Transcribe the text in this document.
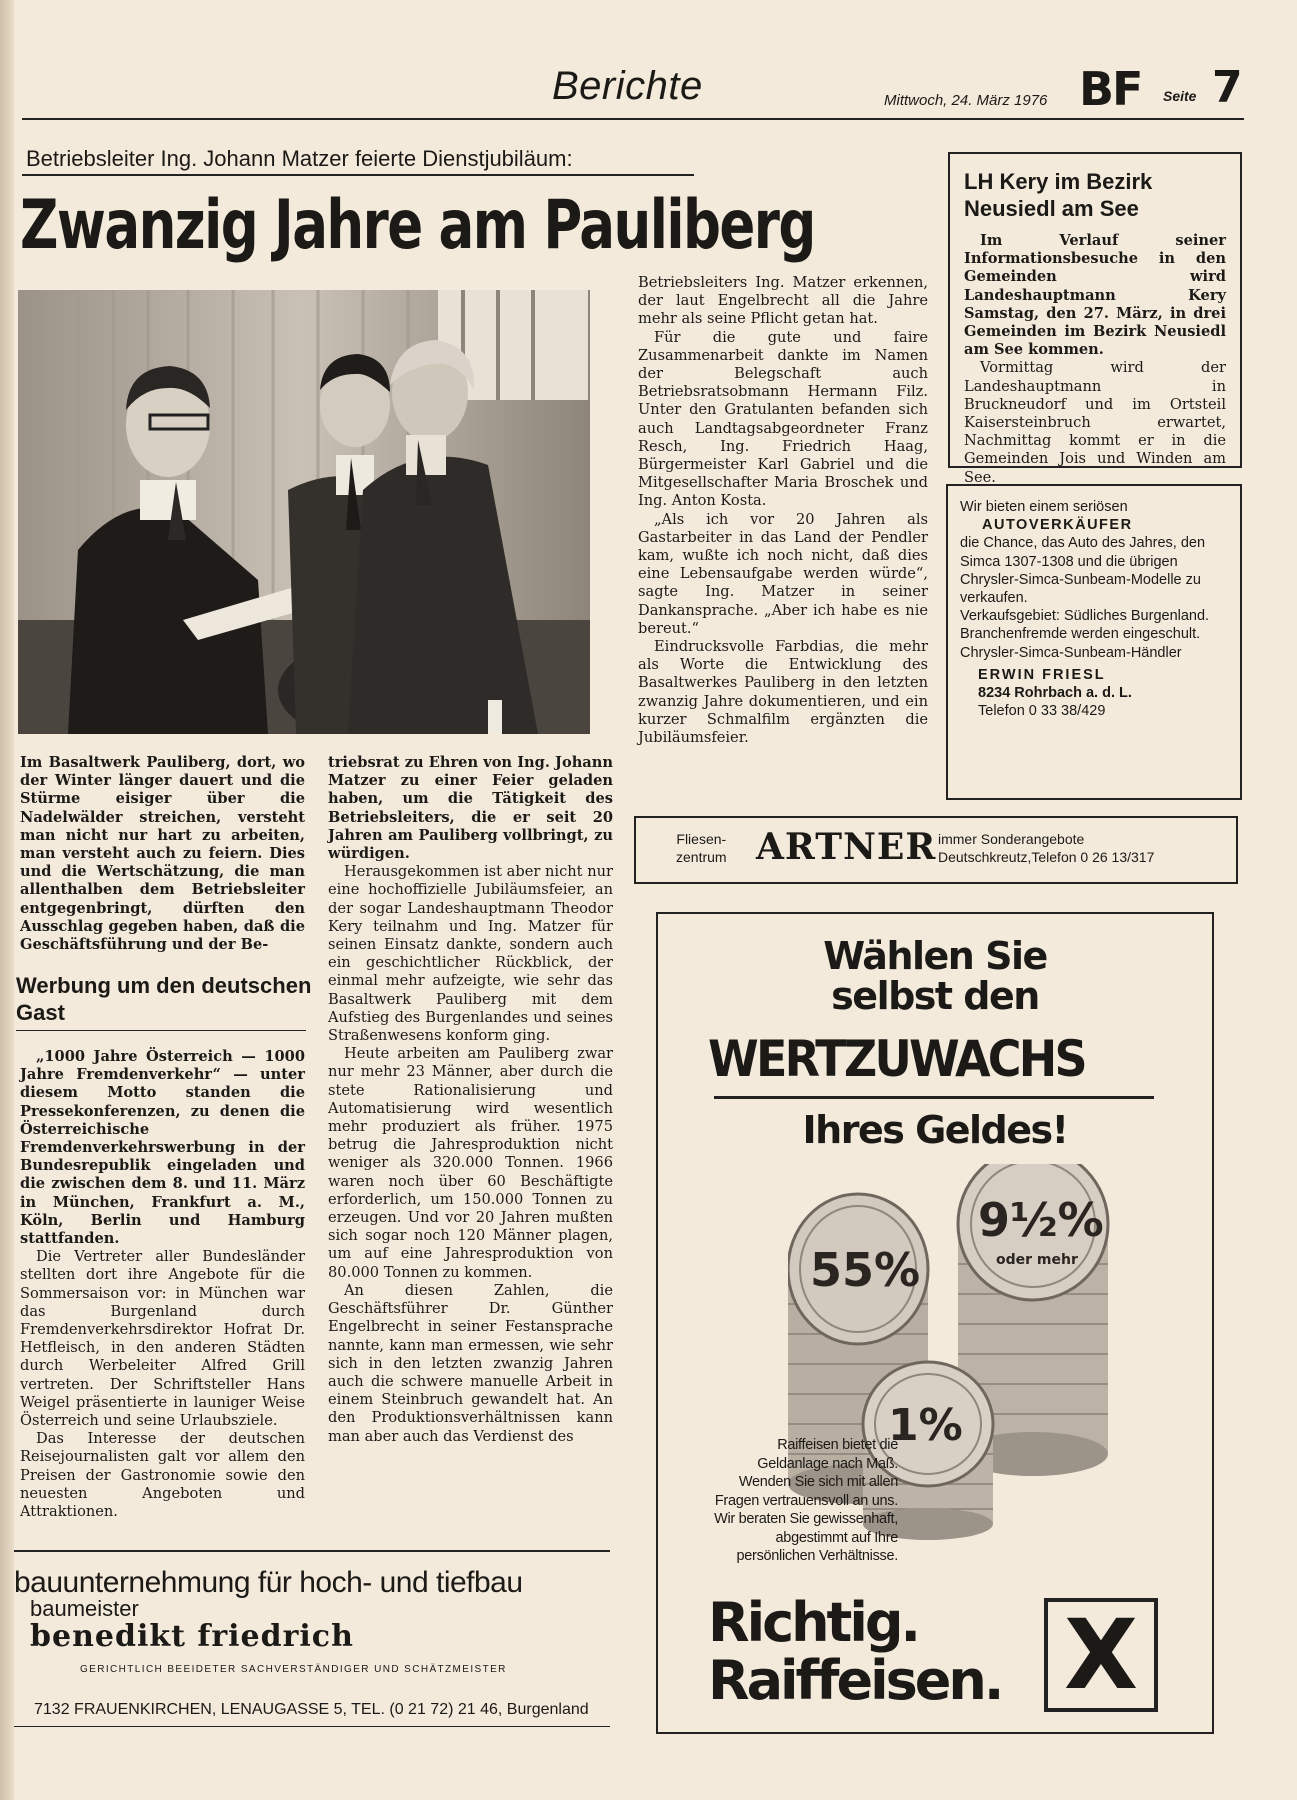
Berichte	Mittwoch, 24. März 1976 BF Seite 7
Betriebsleiter Ing. Johann Matzer feierte Dienstjubiläum:
Zwanzig Jahre am Pauliberg

Im Basaltwerk Pauliberg, dort, wo der Winter länger dauert und die Stürme eisiger über die Nadelwälder streichen, versteht man nicht nur hart zu arbeiten, man versteht auch zu feiern. Dies und die Wertschätzung, die man allenthalben dem Betriebsleiter entgegenbringt, dürften den Ausschlag gegeben haben, daß die Geschäftsführung und der Be-

Werbung um den deutschen Gast

„1000 Jahre Österreich — 1000 Jahre Fremdenverkehr“ — unter diesem Motto standen die Pressekonferenzen, zu denen die Österreichische Fremdenverkehrswerbung in der Bundesrepublik eingeladen und die zwischen dem 8. und 11. März in München, Frankfurt a. M., Köln, Berlin und Hamburg stattfanden.

Die Vertreter aller Bundesländer stellten dort ihre Angebote für die Sommersaison vor: in München war das Burgenland durch Fremdenverkehrsdirektor Hofrat Dr. Hetfleisch, in den anderen Städten durch Werbeleiter Alfred Grill vertreten. Der Schriftsteller Hans Weigel präsentierte in launiger Weise Österreich und seine Urlaubsziele.

Das Interesse der deutschen Reisejournalisten galt vor allem den Preisen der Gastronomie sowie den neuesten Angeboten und Attraktionen.

triebsrat zu Ehren von Ing. Johann Matzer zu einer Feier geladen haben, um die Tätigkeit des Betriebsleiters, die er seit 20 Jahren am Pauliberg vollbringt, zu würdigen.

Herausgekommen ist aber nicht nur eine hochoffizielle Jubiläumsfeier, an der sogar Landeshauptmann Theodor Kery teilnahm und Ing. Matzer für seinen Einsatz dankte, sondern auch ein geschichtlicher Rückblick, der einmal mehr aufzeigte, wie sehr das Basaltwerk Pauliberg mit dem Aufstieg des Burgenlandes und seines Straßenwesens konform ging.

Heute arbeiten am Pauliberg zwar nur mehr 23 Männer, aber durch die stete Rationalisierung und Automatisierung wird wesentlich mehr produziert als früher. 1975 betrug die Jahresproduktion nicht weniger als 320.000 Tonnen. 1966 waren noch über 60 Beschäftigte erforderlich, um 150.000 Tonnen zu erzeugen. Und vor 20 Jahren mußten sich sogar noch 120 Männer plagen, um auf eine Jahresproduktion von 80.000 Tonnen zu kommen.

An diesen Zahlen, die Geschäftsführer Dr. Günther Engelbrecht in seiner Festansprache nannte, kann man ermessen, wie sehr sich in den letzten zwanzig Jahren auch die schwere manuelle Arbeit in einem Steinbruch gewandelt hat. An den Produktionsverhältnissen kann man aber auch das Verdienst des

Betriebsleiters Ing. Matzer erkennen, der laut Engelbrecht all die Jahre mehr als seine Pflicht getan hat.

Für die gute und faire Zusammenarbeit dankte im Namen der Belegschaft auch Betriebsratsobmann Hermann Filz. Unter den Gratulanten befanden sich auch Landtagsabgeordneter Franz Resch, Ing. Friedrich Haag, Bürgermeister Karl Gabriel und die Mitgesellschafter Maria Broschek und Ing. Anton Kosta.

„Als ich vor 20 Jahren als Gastarbeiter in das Land der Pendler kam, wußte ich noch nicht, daß dies eine Lebensaufgabe werden würde“, sagte Ing. Matzer in seiner Dankansprache. „Aber ich habe es nie bereut.“

Eindrucksvolle Farbdias, die mehr als Worte die Entwicklung des Basaltwerkes Pauliberg in den letzten zwanzig Jahre dokumentieren, und ein kurzer Schmalfilm ergänzten die Jubiläumsfeier.

LH Kery im Bezirk Neusiedl am See

Im Verlauf seiner Informationsbesuche in den Gemeinden wird Landeshauptmann Kery Samstag, den 27. März, in drei Gemeinden im Bezirk Neusiedl am See kommen.

Vormittag wird der Landeshauptmann in Bruckneudorf und im Ortsteil Kaisersteinbruch erwartet, Nachmittag kommt er in die Gemeinden Jois und Winden am See.

Wir bieten einem seriösen
AUTOVERKÄUFER
die Chance, das Auto des Jahres, den Simca 1307-1308 und die übrigen Chrysler-Simca-Sunbeam-Modelle zu verkaufen.
Verkaufsgebiet: Südliches Burgenland.
Branchenfremde werden eingeschult.
Chrysler-Simca-Sunbeam-Händler
ERWIN FRIESL
8234 Rohrbach a. d. L.
Telefon 0 33 38/429
Fliesen-
zentrum ARTNER immer Sonderangebote
Deutschkreutz,Telefon 0 26 13/317
Wählen Sie
selbst den
WERTZUWACHS
Ihres Geldes!
55%
9½%
oder mehr
1%
Raiffeisen bietet die
Geldanlage nach Maß.
Wenden Sie sich mit allen
Fragen vertrauensvoll an uns.
Wir beraten Sie gewissenhaft,
abgestimmt auf Ihre
persönlichen Verhältnisse.
Richtig.
Raiffeisen. X
bauunternehmung für hoch- und tiefbau
baumeister
benedikt friedrich
GERICHTLICH BEEIDETER SACHVERSTÄNDIGER UND SCHÄTZMEISTER
7132 FRAUENKIRCHEN, LENAUGASSE 5, TEL. (0 21 72) 21 46, Burgenland
